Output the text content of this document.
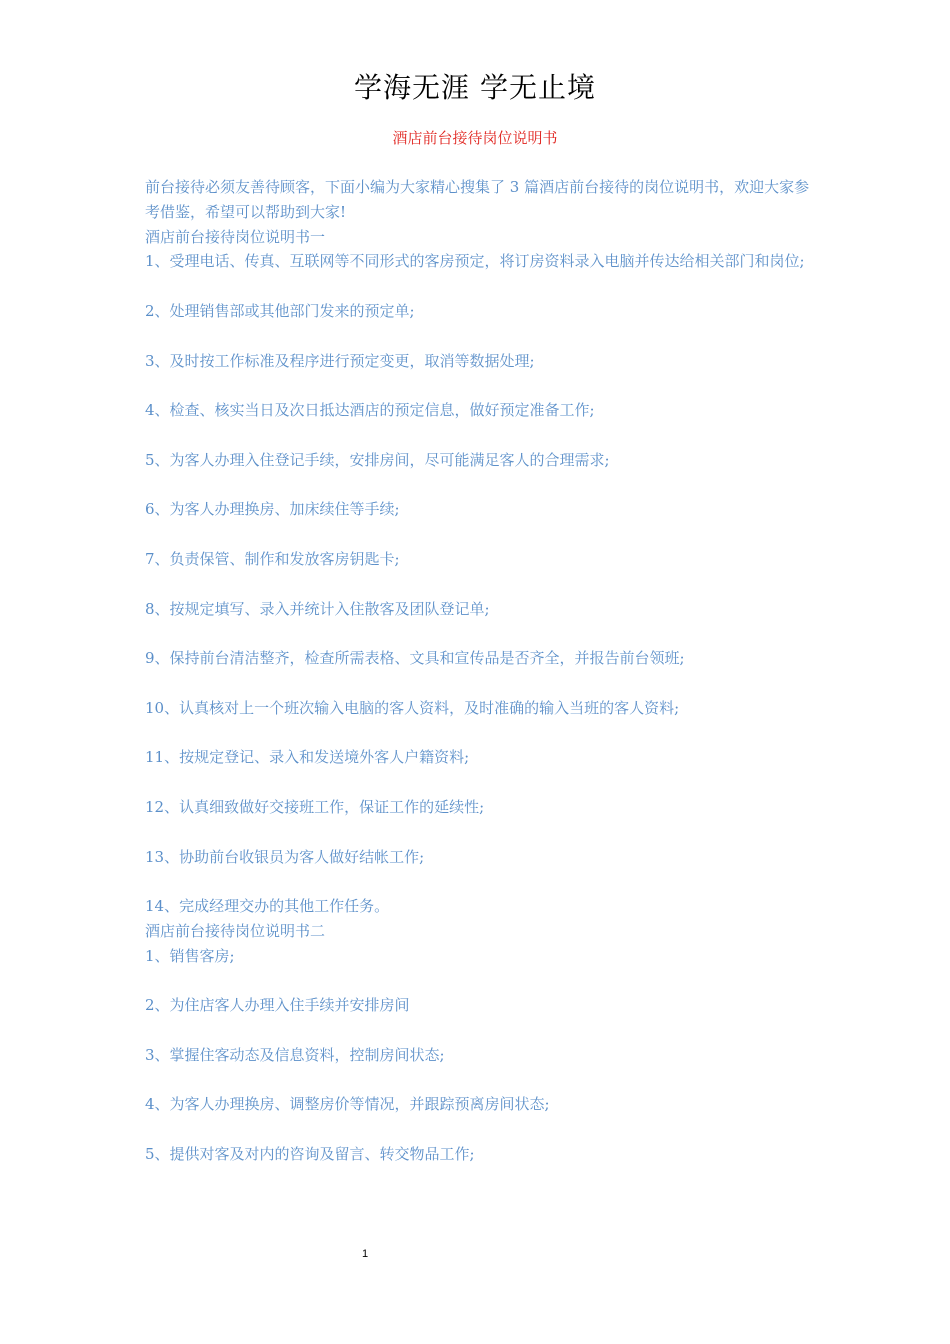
学海无涯 学无止境
酒店前台接待岗位说明书

前台接待必须友善待顾客，下面小编为大家精心搜集了 3 篇酒店前台接待的岗位说明书，欢迎大家参考借鉴，希望可以帮助到大家!

酒店前台接待岗位说明书一

1、受理电话、传真、互联网等不同形式的客房预定，将订房资料录入电脑并传达给相关部门和岗位;

2、处理销售部或其他部门发来的预定单;

3、及时按工作标准及程序进行预定变更，取消等数据处理;

4、检查、核实当日及次日抵达酒店的预定信息，做好预定准备工作;

5、为客人办理入住登记手续，安排房间，尽可能满足客人的合理需求;

6、为客人办理换房、加床续住等手续;

7、负责保管、制作和发放客房钥匙卡;

8、按规定填写、录入并统计入住散客及团队登记单;

9、保持前台清洁整齐，检查所需表格、文具和宣传品是否齐全，并报告前台领班;

10、认真核对上一个班次输入电脑的客人资料，及时准确的输入当班的客人资料;

11、按规定登记、录入和发送境外客人户籍资料;

12、认真细致做好交接班工作，保证工作的延续性;

13、协助前台收银员为客人做好结帐工作;

14、完成经理交办的其他工作任务。

酒店前台接待岗位说明书二

1、销售客房;

2、为住店客人办理入住手续并安排房间

3、掌握住客动态及信息资料，控制房间状态;

4、为客人办理换房、调整房价等情况，并跟踪预离房间状态;

5、提供对客及对内的咨询及留言、转交物品工作;

1
